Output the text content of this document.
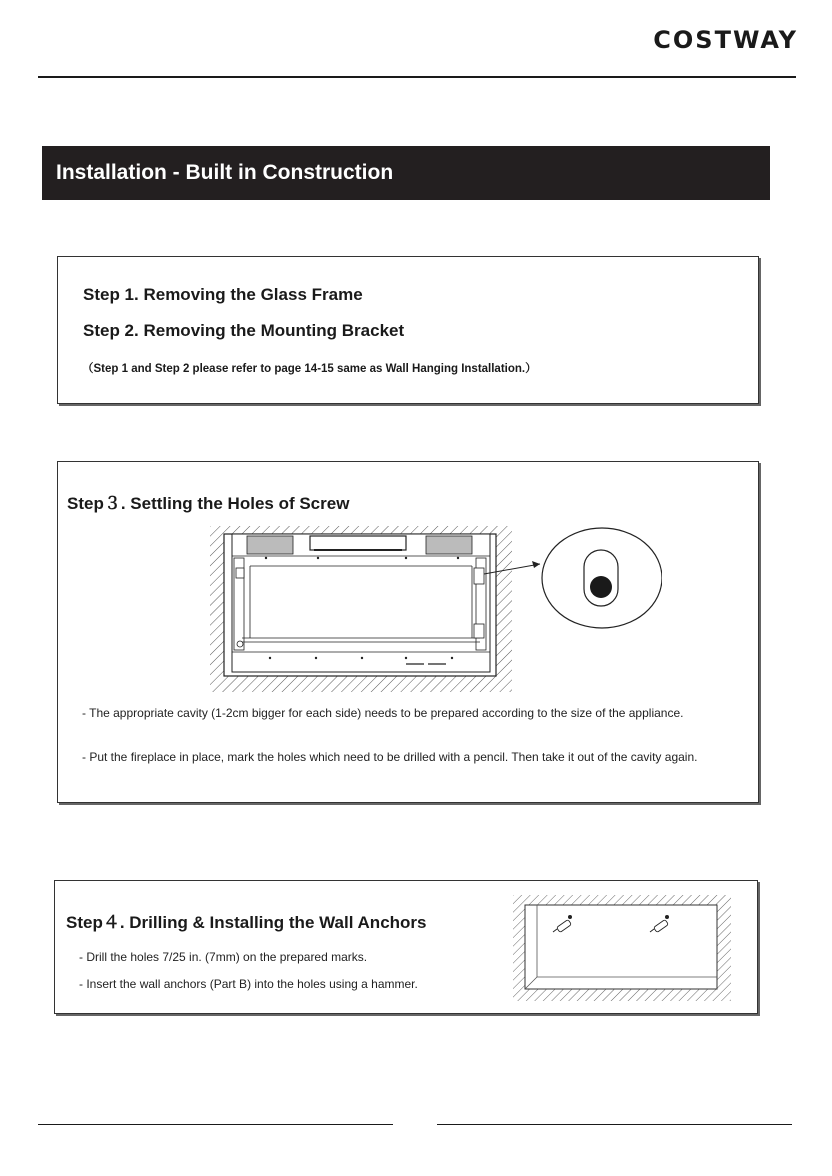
COSTWAY
Installation - Built in Construction
Step 1. Removing the Glass Frame
Step 2. Removing the Mounting Bracket
（Step 1 and Step 2 please refer to page 14-15 same as Wall Hanging Installation.）
Step３. Settling the Holes of Screw
- The appropriate cavity (1-2cm bigger for each side) needs to be prepared according to the size of the appliance.
- Put the fireplace in place, mark the holes which need to be drilled with a pencil. Then take it out of the cavity again.
Step４. Drilling & Installing the Wall Anchors
- Drill the holes 7/25 in. (7mm) on the prepared marks.
- Insert the wall anchors (Part B) into the holes using a hammer.
